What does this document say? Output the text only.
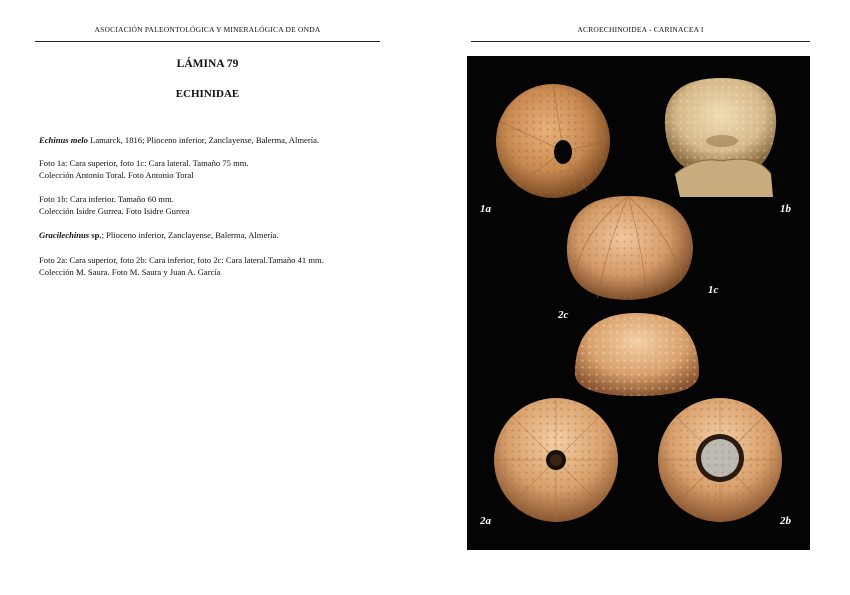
ASOCIACIÓN PALEONTOLÓGICA Y MINERALÓGICA DE ONDA
LÁMINA 79
ECHINIDAE
Echinus melo Lamarck, 1816; Plioceno inferior, Zanclayense, Balerma, Almería.

Foto 1a: Cara superior, foto 1c: Cara lateral. Tamaño 75 mm.

Colección Antonio Toral. Foto Antonio Toral

Foto 1b: Cara inferior. Tamaño 60 mm.

Colección Isidre Gurrea. Foto Isidre Gurrea

Gracilechinus sp.; Plioceno inferior, Zanclayense, Balerma, Almería.

Foto 2a: Cara superior, foto 2b: Cara inferior, foto 2c: Cara lateral.Tamaño 41 mm.

Colección M. Saura. Foto M. Saura y Juan A. García

ACROECHINOIDEA - CARINACEA I
1a	1b
1c
2c
2a	2b
